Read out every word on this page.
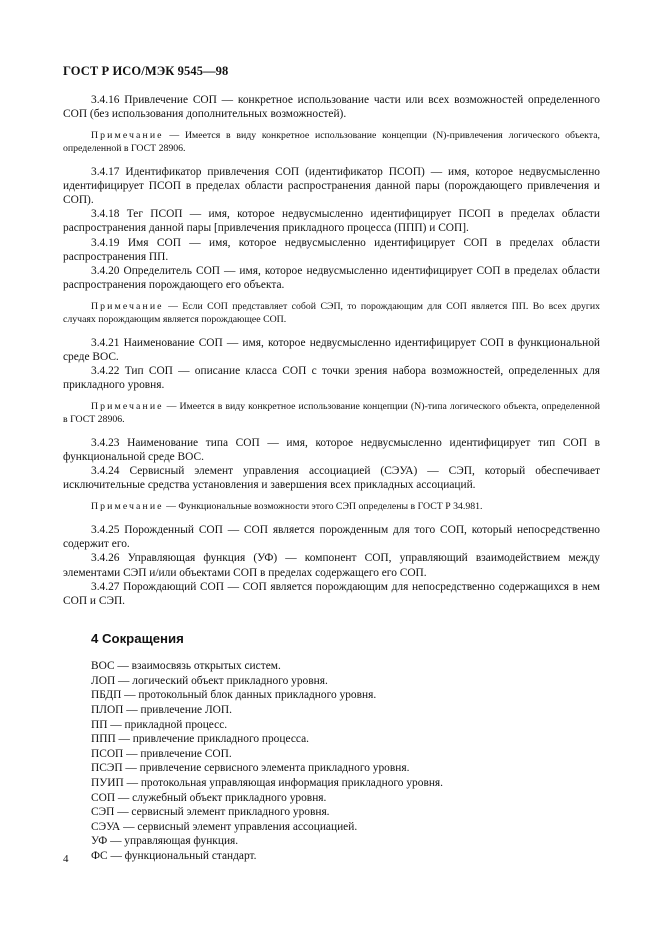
ГОСТ Р ИСО/МЭК 9545—98
3.4.16 Привлечение СОП — конкретное использование части или всех возможностей определенного СОП (без использования дополнительных возможностей).
Примечание — Имеется в виду конкретное использование концепции (N)-привлечения логического объекта, определенной в ГОСТ 28906.
3.4.17 Идентификатор привлечения СОП (идентификатор ПСОП) — имя, которое недвусмысленно идентифицирует ПСОП в пределах области распространения данной пары (порождающего привлечения и СОП).
3.4.18 Тег ПСОП — имя, которое недвусмысленно идентифицирует ПСОП в пределах области распространения данной пары [привлечения прикладного процесса (ППП) и СОП].
3.4.19 Имя СОП — имя, которое недвусмысленно идентифицирует СОП в пределах области распространения ПП.
3.4.20 Определитель СОП — имя, которое недвусмысленно идентифицирует СОП в пределах области распространения порождающего его объекта.
Примечание — Если СОП представляет собой СЭП, то порождающим для СОП является ПП. Во всех других случаях порождающим является порождающее СОП.
3.4.21 Наименование СОП — имя, которое недвусмысленно идентифицирует СОП в функциональной среде ВОС.
3.4.22 Тип СОП — описание класса СОП с точки зрения набора возможностей, определенных для прикладного уровня.
Примечание — Имеется в виду конкретное использование концепции (N)-типа логического объекта, определенной в ГОСТ 28906.
3.4.23 Наименование типа СОП — имя, которое недвусмысленно идентифицирует тип СОП в функциональной среде ВОС.
3.4.24 Сервисный элемент управления ассоциацией (СЭУА) — СЭП, который обеспечивает исключительные средства установления и завершения всех прикладных ассоциаций.
Примечание — Функциональные возможности этого СЭП определены в ГОСТ Р 34.981.
3.4.25 Порожденный СОП — СОП является порожденным для того СОП, который непосредственно содержит его.
3.4.26 Управляющая функция (УФ) — компонент СОП, управляющий взаимодействием между элементами СЭП и/или объектами СОП в пределах содержащего его СОП.
3.4.27 Порождающий СОП — СОП является порождающим для непосредственно содержащихся в нем СОП и СЭП.
4 Сокращения
ВОС — взаимосвязь открытых систем.
ЛОП — логический объект прикладного уровня.
ПБДП — протокольный блок данных прикладного уровня.
ПЛОП — привлечение ЛОП.
ПП — прикладной процесс.
ППП — привлечение прикладного процесса.
ПСОП — привлечение СОП.
ПСЭП — привлечение сервисного элемента прикладного уровня.
ПУИП — протокольная управляющая информация прикладного уровня.
СОП — служебный объект прикладного уровня.
СЭП — сервисный элемент прикладного уровня.
СЭУА — сервисный элемент управления ассоциацией.
УФ — управляющая функция.
ФС — функциональный стандарт.
4
